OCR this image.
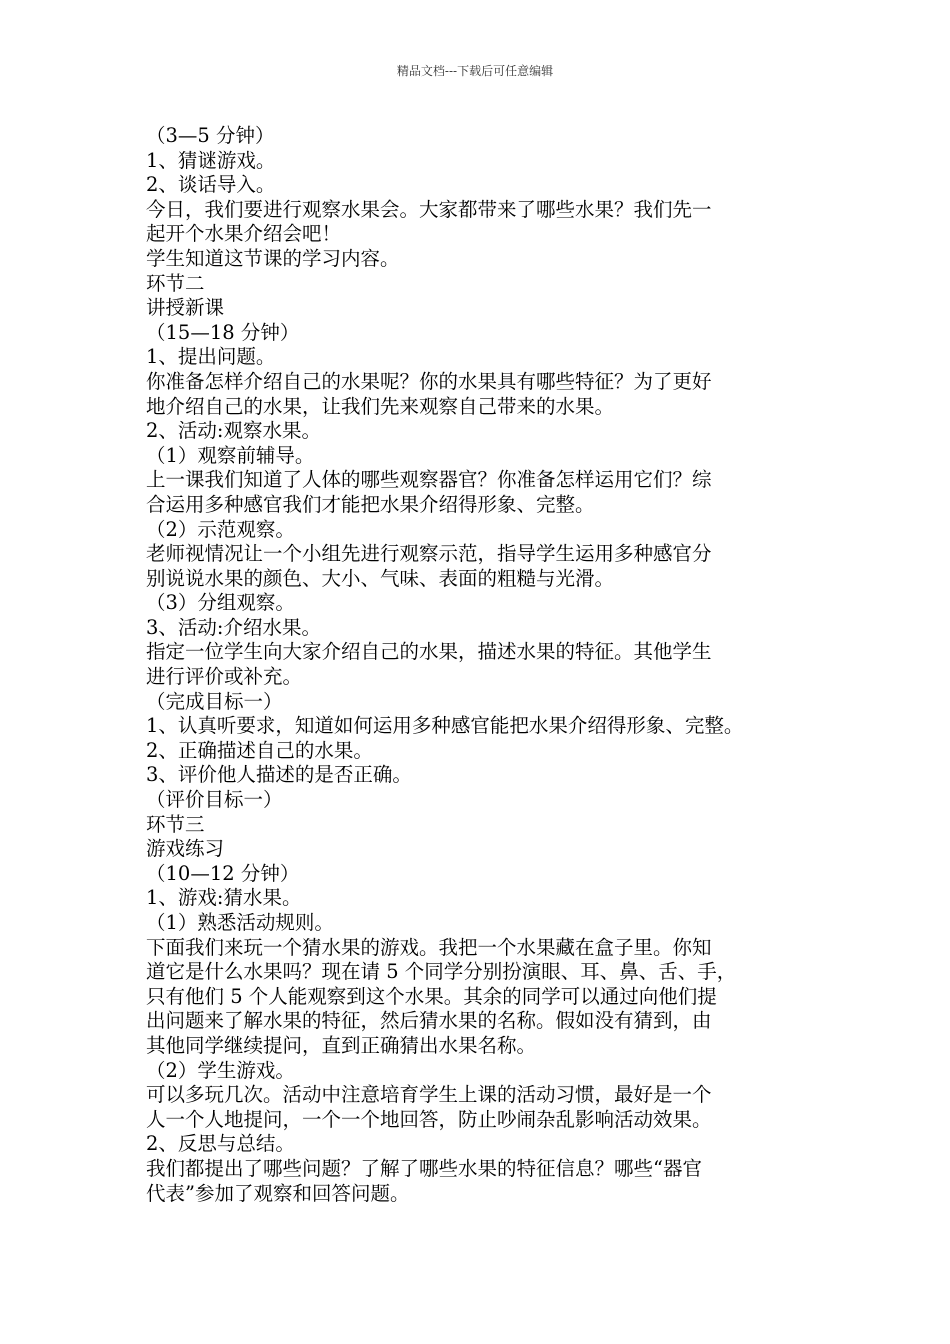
精品文档---下载后可任意编辑
（3—5 分钟）
1、猜谜游戏。
2、谈话导入。
今日，我们要进行观察水果会。大家都带来了哪些水果？我们先一
起开个水果介绍会吧！
学生知道这节课的学习内容。
环节二
讲授新课
（15—18 分钟）
1、提出问题。
你准备怎样介绍自己的水果呢？你的水果具有哪些特征？为了更好
地介绍自己的水果，让我们先来观察自己带来的水果。
2、活动:观察水果。
（1）观察前辅导。
上一课我们知道了人体的哪些观察器官？你准备怎样运用它们？综
合运用多种感官我们才能把水果介绍得形象、完整。
（2）示范观察。
老师视情况让一个小组先进行观察示范，指导学生运用多种感官分
别说说水果的颜色、大小、气味、表面的粗糙与光滑。
（3）分组观察。
3、活动:介绍水果。
指定一位学生向大家介绍自己的水果，描述水果的特征。其他学生
进行评价或补充。
（完成目标一）
1、认真听要求，知道如何运用多种感官能把水果介绍得形象、完整。
2、正确描述自己的水果。
3、评价他人描述的是否正确。
（评价目标一）
环节三
游戏练习
（10—12 分钟）
1、游戏:猜水果。
（1）熟悉活动规则。
下面我们来玩一个猜水果的游戏。我把一个水果藏在盒子里。你知
道它是什么水果吗？现在请 5 个同学分别扮演眼、耳、鼻、舌、手，
只有他们 5 个人能观察到这个水果。其余的同学可以通过向他们提
出问题来了解水果的特征，然后猜水果的名称。假如没有猜到，由
其他同学继续提问，直到正确猜出水果名称。
（2）学生游戏。
可以多玩几次。活动中注意培育学生上课的活动习惯，最好是一个
人一个人地提问，一个一个地回答，防止吵闹杂乱影响活动效果。
2、反思与总结。
我们都提出了哪些问题？了解了哪些水果的特征信息？哪些“器官
代表”参加了观察和回答问题。
